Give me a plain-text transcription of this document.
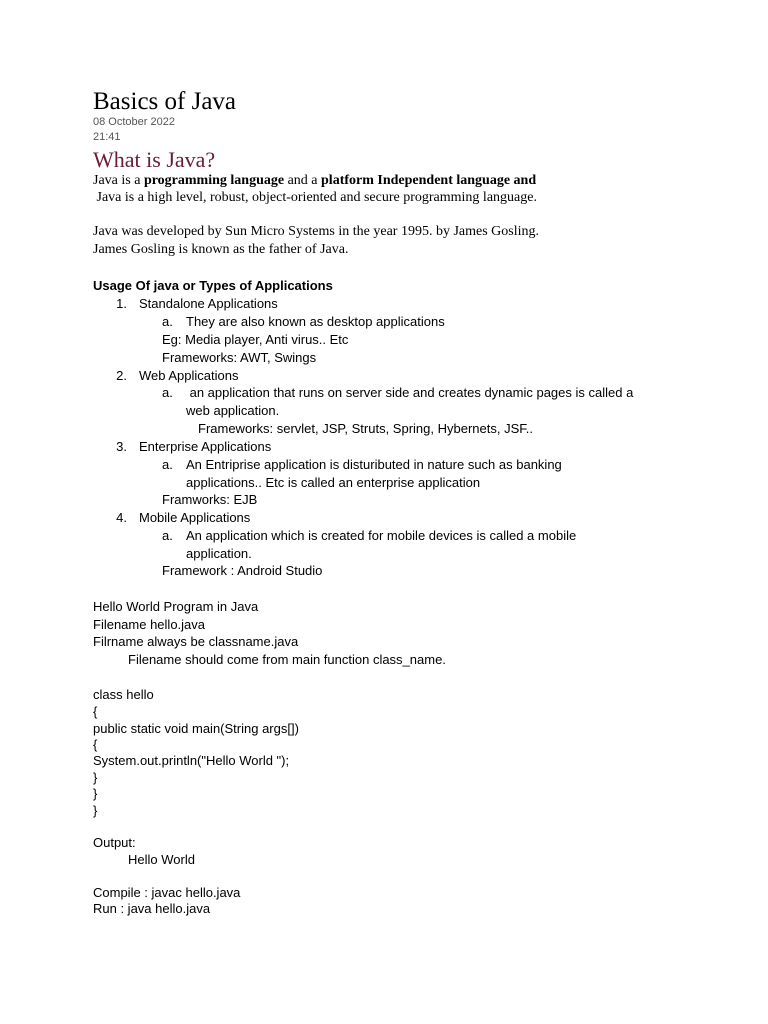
Basics of Java
08 October 2022
21:41
What is Java?
Java is a programming language and a platform Independent language and
Java is a high level, robust, object-oriented and secure programming language.
Java was developed by Sun Micro Systems in the year 1995. by James Gosling.
James Gosling is known as the father of Java.
Usage Of java or Types of Applications
1. Standalone Applications
a. They are also known as desktop applications
Eg: Media player, Anti virus.. Etc
Frameworks: AWT, Swings
2. Web Applications
a. an application that runs on server side and creates dynamic pages is called a
web application.
Frameworks: servlet, JSP, Struts, Spring, Hybernets, JSF..
3. Enterprise Applications
a. An Entriprise application is distuributed in nature such as banking
applications.. Etc is called an enterprise application
Framworks: EJB
4. Mobile Applications
a. An application which is created for mobile devices is called a mobile
application.
Framework : Android Studio
Hello World Program in Java
Filename hello.java
Filrname always be classname.java
Filename should come from main function class_name.
class hello
{
public static void main(String args[])
{
System.out.println("Hello World ");
}
}
}
Output:
Hello World
Compile : javac hello.java
Run : java hello.java
